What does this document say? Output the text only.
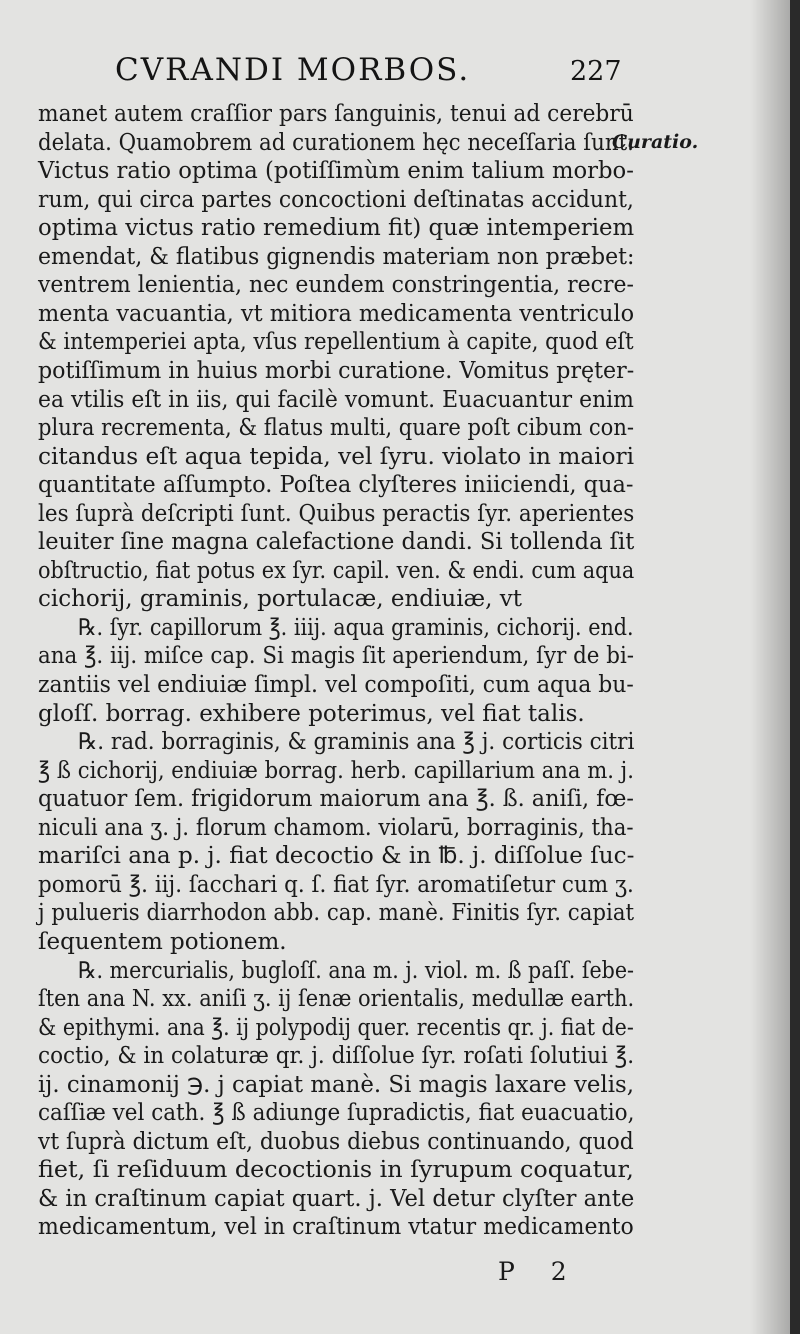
CVRANDI MORBOS.	227
Curatio.
manet autem craſſior pars ſanguinis, tenui ad cerebrū
delata. Quamobrem ad curationem hęc neceſſaria ſunt.
Victus ratio optima (potiſſimùm enim talium morbo-
rum, qui circa partes concoctioni deſtinatas accidunt,
optima victus ratio remedium fit) quæ intemperiem
emendat, & flatibus gignendis materiam non præbet:
ventrem lenientia, nec eundem constringentia, recre-
menta vacuantia, vt mitiora medicamenta ventriculo
& intemperiei apta, vſus repellentium à capite, quod eſt
potiſſimum in huius morbi curatione. Vomitus pręter-
ea vtilis eſt in iis, qui facilè vomunt. Euacuantur enim
plura recrementa, & flatus multi, quare poſt cibum con-
citandus eſt aqua tepida, vel ſyru. violato in maiori
quantitate aſſumpto. Poſtea clyſteres iniiciendi, qua-
les ſuprà deſcripti ſunt. Quibus peractis ſyr. aperientes
leuiter ſine magna calefactione dandi. Si tollenda ſit
obſtructio, fiat potus ex ſyr. capil. ven. & endi. cum aqua
cichorij, graminis, portulacæ, endiuiæ, vt
℞. ſyr. capillorum ℥. iiij. aqua graminis, cichorij. end.
ana ℥. iij. miſce cap. Si magis ſit aperiendum, ſyr de bi-
zantiis vel endiuiæ ſimpl. vel compoſiti, cum aqua bu-
gloſſ. borrag. exhibere poterimus, vel fiat talis.
℞. rad. borraginis, & graminis ana ℥ j. corticis citri
℥ ß cichorij, endiuiæ borrag. herb. capillarium ana m. j.
quatuor ſem. frigidorum maiorum ana ℥. ß. aniſi, fœ-
niculi ana ʒ. j. florum chamom. violarū, borraginis, tha-
mariſci ana p. j. fiat decoctio & in ℔. j. diſſolue ſuc-
pomorū ℥. iij. ſacchari q. ſ. fiat ſyr. aromatiſetur cum ʒ.
j pulueris diarrhodon abb. cap. manè. Finitis ſyr. capiat
ſequentem potionem.
℞. mercurialis, bugloſſ. ana m. j. viol. m. ß paſſ. ſebe-
ſten ana N. xx. aniſi ʒ. ij ſenæ orientalis, medullæ earth.
& epithymi. ana ℥. ij polypodij quer. recentis qr. j. fiat de-
coctio, & in colaturæ qr. j. diſſolue ſyr. roſati ſolutiui ℥.
ij. cinamonij ℈. j capiat manè. Si magis laxare velis,
caſſiæ vel cath. ℥ ß adiunge ſupradictis, fiat euacuatio,
vt ſuprà dictum eſt, duobus diebus continuando, quod
fiet, ſi reſiduum decoctionis in ſyrupum coquatur,
& in craſtinum capiat quart. j. Vel detur clyſter ante
medicamentum, vel in craſtinum vtatur medicamento
P 2
